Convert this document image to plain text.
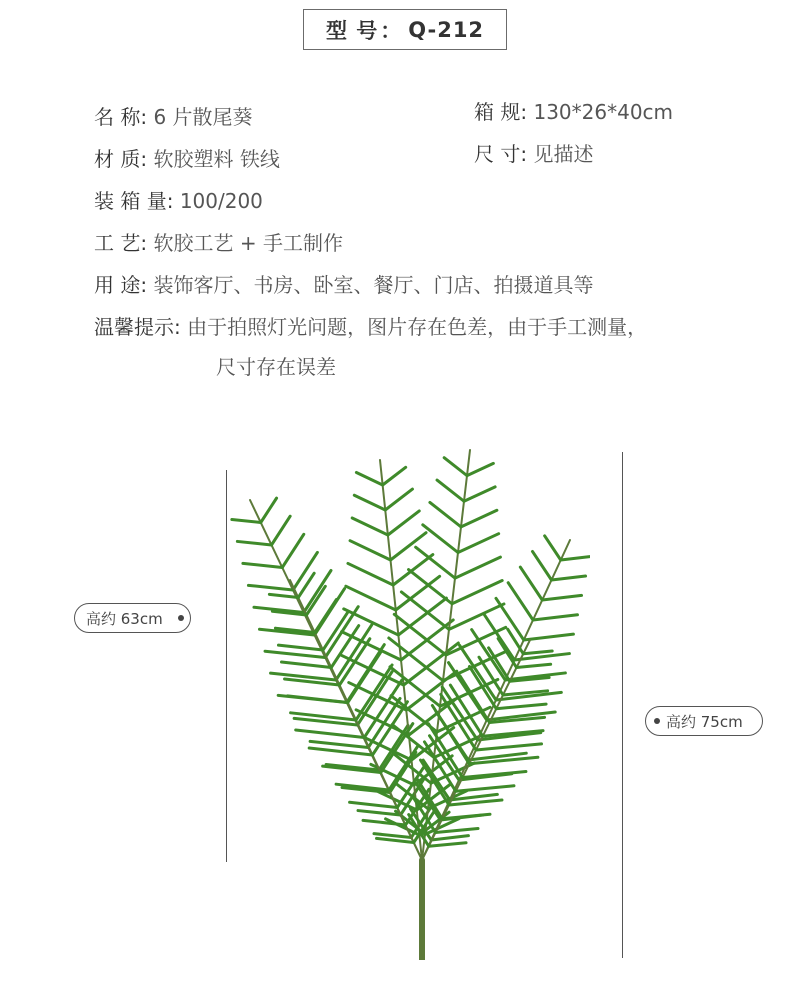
型 号 ： Q-212
名 称: 6 片散尾葵
材 质: 软胶塑料 铁线
装 箱 量: 100/200
工 艺: 软胶工艺 + 手工制作
用 途: 装饰客厅、书房、卧室、餐厅、门店、拍摄道具等
温馨提示: 由于拍照灯光问题，图片存在色差，由于手工测量，
尺寸存在误差
箱 规: 130*26*40cm
尺 寸: 见描述
高约 63cm
高约 75cm
